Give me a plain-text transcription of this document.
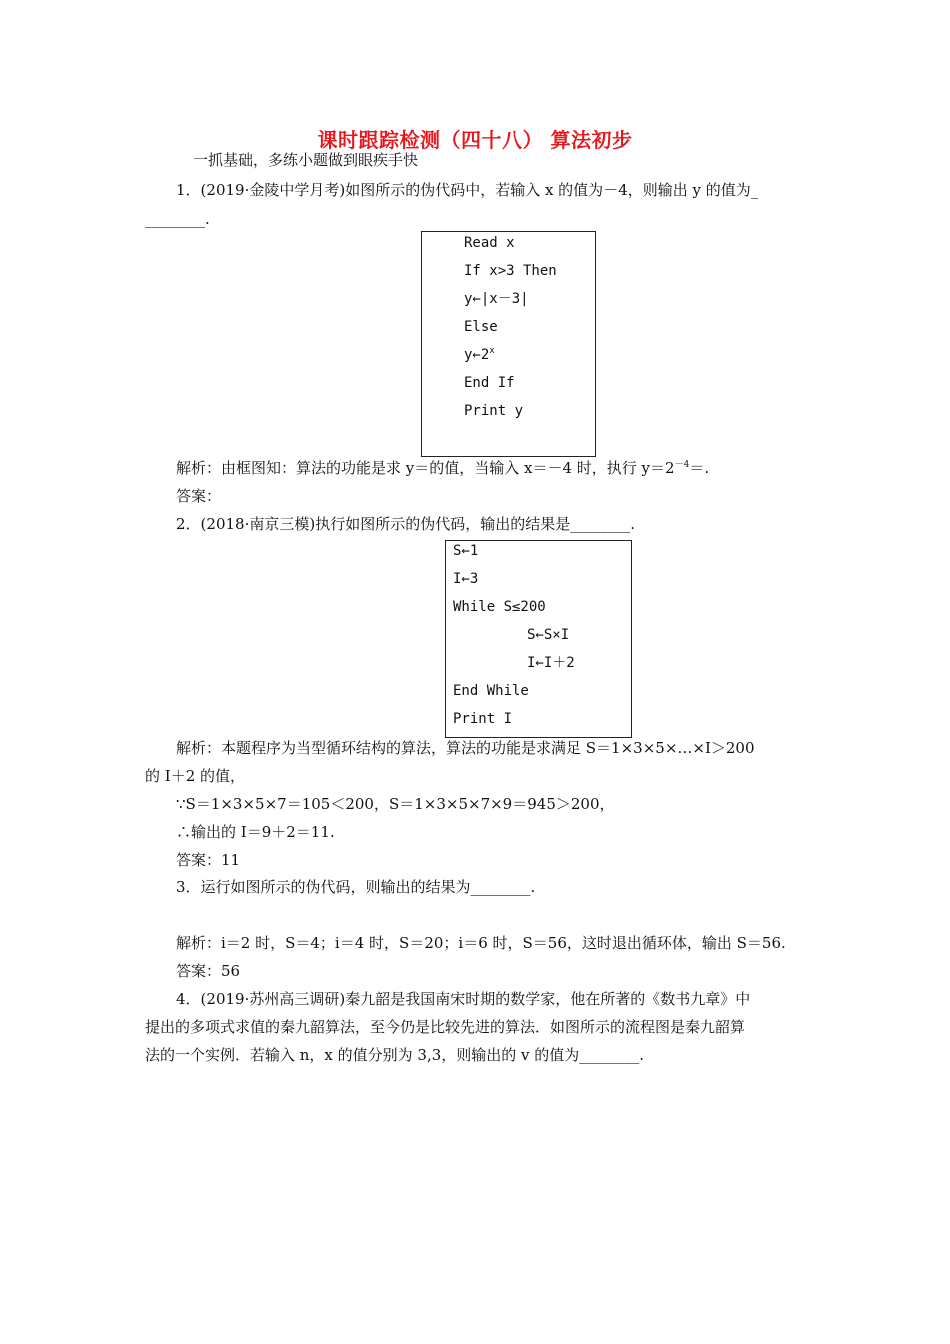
课时跟踪检测（四十八） 算法初步
一抓基础，多练小题做到眼疾手快
1．(2019·金陵中学月考)如图所示的伪代码中，若输入 x 的值为－4，则输出 y 的值为_
________.
Read x
If x>3 Then
y←|x－3|
Else
y←2$^x$
End If
Print y
解析：由框图知：算法的功能是求 y＝的值，当输入 x＝－4 时，执行 $y=2^{-4}=$.
答案：
2．(2018·南京三模)执行如图所示的伪代码，输出的结果是________.
S←1
I←3
While S≤200
S←S×I
I←I＋2
End While
Print I
解析：本题程序为当型循环结构的算法，算法的功能是求满足 S＝1×3×5×…×I＞200
的 I＋2 的值，
∵S＝1×3×5×7＝105＜200，S＝1×3×5×7×9＝945＞200，
∴输出的 I＝9＋2＝11.
答案：11
3．运行如图所示的伪代码，则输出的结果为________.
解析：i＝2 时，S＝4；i＝4 时，S＝20；i＝6 时，S＝56，这时退出循环体，输出 S＝56.
答案：56
4．(2019·苏州高三调研)秦九韶是我国南宋时期的数学家，他在所著的《数书九章》中
提出的多项式求值的秦九韶算法，至今仍是比较先进的算法．如图所示的流程图是秦九韶算
法的一个实例．若输入 n，x 的值分别为 3,3，则输出的 v 的值为________.
